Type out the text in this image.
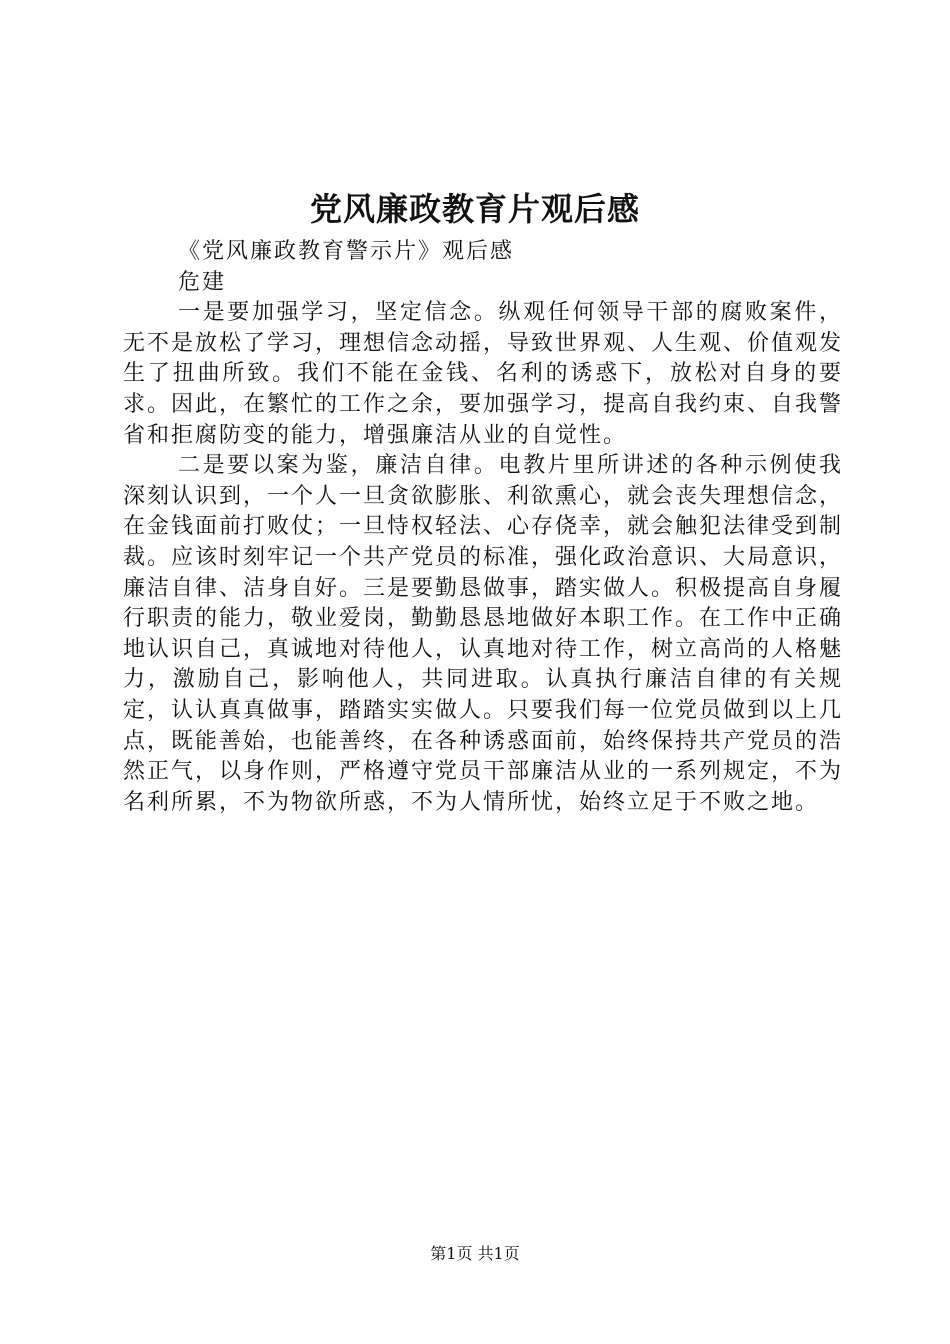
党风廉政教育片观后感

《党风廉政教育警示片》观后感

危建

一是要加强学习，坚定信念。纵观任何领导干部的腐败案件，无不是放松了学习，理想信念动摇，导致世界观、人生观、价值观发生了扭曲所致。我们不能在金钱、名利的诱惑下，放松对自身的要求。因此，在繁忙的工作之余，要加强学习，提高自我约束、自我警省和拒腐防变的能力，增强廉洁从业的自觉性。

二是要以案为鉴，廉洁自律。电教片里所讲述的各种示例使我深刻认识到，一个人一旦贪欲膨胀、利欲熏心，就会丧失理想信念，在金钱面前打败仗；一旦恃权轻法、心存侥幸，就会触犯法律受到制裁。应该时刻牢记一个共产党员的标准，强化政治意识、大局意识，廉洁自律、洁身自好。三是要勤恳做事，踏实做人。积极提高自身履行职责的能力，敬业爱岗，勤勤恳恳地做好本职工作。在工作中正确地认识自己，真诚地对待他人，认真地对待工作，树立高尚的人格魅力，激励自己，影响他人，共同进取。认真执行廉洁自律的有关规定，认认真真做事，踏踏实实做人。只要我们每一位党员做到以上几点，既能善始，也能善终，在各种诱惑面前，始终保持共产党员的浩然正气，以身作则，严格遵守党员干部廉洁从业的一系列规定，不为名利所累，不为物欲所惑，不为人情所忧，始终立足于不败之地。

第1页 共1页
